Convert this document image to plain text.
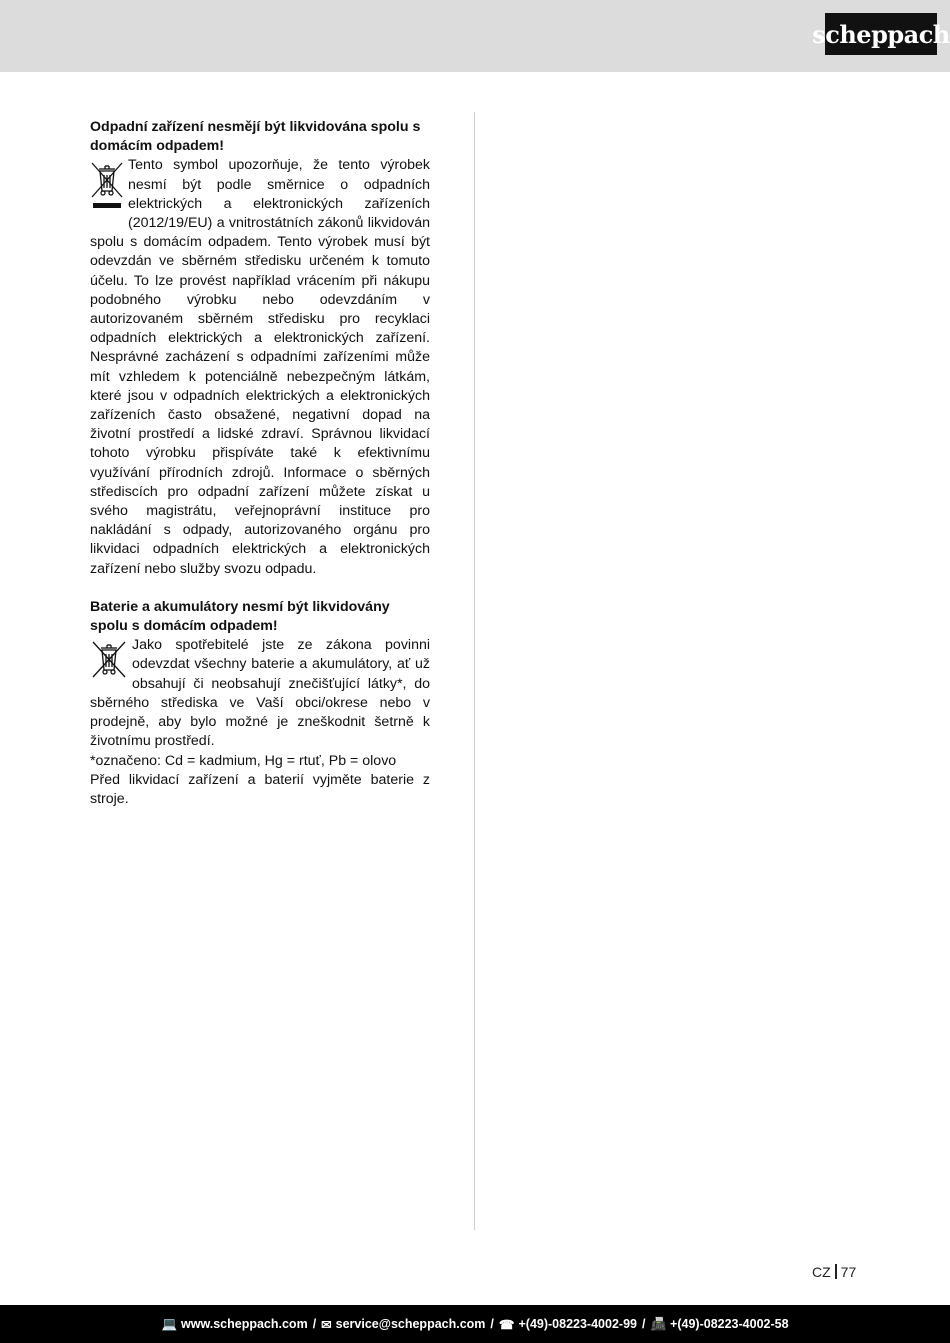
scheppach

Odpadní zařízení nesmějí být likvidována spolu s domácím odpadem!

Tento symbol upozorňuje, že tento výrobek nesmí být podle směrnice o odpadních elektrických a elektronických zařízeních (2012/19/EU) a vnitrostátních zákonů likvidován spolu s domácím odpadem. Tento výrobek musí být odevzdán ve sběrném středisku určeném k tomuto účelu. To lze provést například vrácením při nákupu podobného výrobku nebo odevzdáním v autorizovaném sběrném středisku pro recyklaci odpadních elektrických a elektronických zařízení. Nesprávné zacházení s odpadními zařízeními může mít vzhledem k potenciálně nebezpečným látkám, které jsou v odpadních elektrických a elektronických zařízeních často obsažené, negativní dopad na životní prostředí a lidské zdraví. Správnou likvidací tohoto výrobku přispíváte také k efektivnímu využívání přírodních zdrojů. Informace o sběrných střediscích pro odpadní zařízení můžete získat u svého magistrátu, veřejnoprávní instituce pro nakládání s odpady, autorizovaného orgánu pro likvidaci odpadních elektrických a elektronických zařízení nebo služby svozu odpadu.

Baterie a akumulátory nesmí být likvidovány spolu s domácím odpadem!

Jako spotřebitelé jste ze zákona povinni odevzdat všechny baterie a akumulátory, ať už obsahují či neobsahují znečišťující látky*, do sběrného střediska ve Vaší obci/okrese nebo v prodejně, aby bylo možné je zneškodnit šetrně k životnímu prostředí.

*označeno: Cd = kadmium, Hg = rtuť, Pb = olovo

Před likvidací zařízení a baterií vyjměte baterie z stroje.

CZ 77
💻 www.scheppach.com / ✉ service@scheppach.com / ☎ +(49)-08223-4002-99 / 📠 +(49)-08223-4002-58
